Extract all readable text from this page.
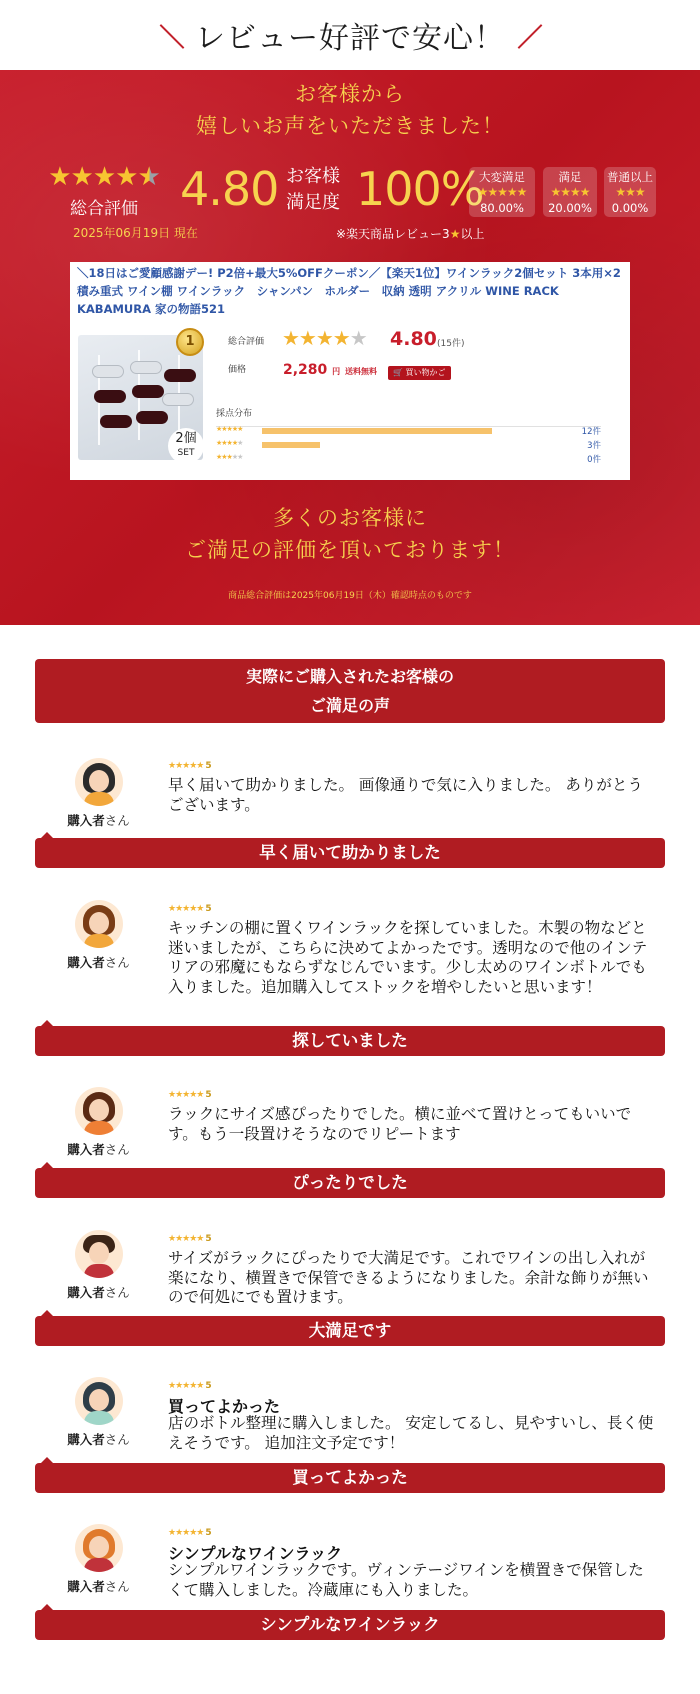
レビュー好評で安心！
お客様から
嬉しいお声をいただきました！
★★★★★
総合評価 4.80
2025年06月19日 現在
お客様
満足度 100%
※楽天商品レビュー3★以上
大変満足
★★★★★
80.00%
満足
★★★★
20.00%
普通以上
★★★
0.00%
＼18日はご愛顧感謝デー! P2倍+最大5%OFFクーポン／【楽天1位】ワインラック2個セット 3本用×2 積み重式 ワイン棚 ワインラック　シャンパン　ホルダー　収納 透明 アクリル WINE RACK KABAMURA 家の物語521
1
2個
SET
総合評価 ★★★★★ 4.80 (15件)
価格	2,280 円 送料無料	🛒 買い物かご
採点分布
★★★★★	12件
★★★★★	3件
★★★★★	0件
多くのお客様に
ご満足の評価を頂いております！
商品総合評価は2025年06月19日（木）確認時点のものです
実際にご購入されたお客様の
ご満足の声
購入者さん
★★★★★ 5
早く届いて助かりました。 画像通りで気に入りました。 ありがとうございます。
早く届いて助かりました
購入者さん
★★★★★ 5
キッチンの棚に置くワインラックを探していました。木製の物などと迷いましたが、こちらに決めてよかったです。透明なので他のインテリアの邪魔にもならずなじんでいます。少し太めのワインボトルでも入りました。追加購入してストックを増やしたいと思います！
探していました
購入者さん
★★★★★ 5
ラックにサイズ感ぴったりでした。横に並べて置けとってもいいです。もう一段置けそうなのでリピートます
ぴったりでした
購入者さん
★★★★★ 5
サイズがラックにぴったりで大満足です。これでワインの出し入れが楽になり、横置きで保管できるようになりました。余計な飾りが無いので何処にでも置けます。
大満足です
購入者さん
★★★★★ 5
買ってよかった
店のボトル整理に購入しました。 安定してるし、見やすいし、長く使えそうです。 追加注文予定です！
買ってよかった
購入者さん
★★★★★ 5
シンプルなワインラック
シンプルワインラックです。ヴィンテージワインを横置きで保管したくて購入しました。冷蔵庫にも入りました。
シンプルなワインラック
